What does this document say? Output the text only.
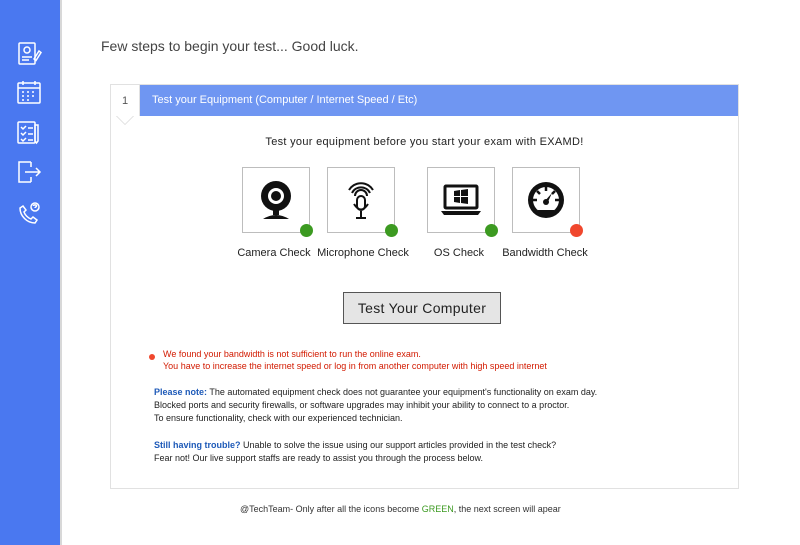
Few steps to begin your test... Good luck.
1	Test your Equipment (Computer / Internet Speed / Etc)
Test your equipment before you start your exam with EXAMD!
Camera Check Microphone Check OS Check Bandwidth Check
Test Your Computer
We found your bandwidth is not sufficient to run the online exam.
You have to increase the internet speed or log in from another computer with high speed internet
Please note: The automated equipment check does not guarantee your equipment's functionality on exam day.
Blocked ports and security firewalls, or software upgrades may inhibit your ability to connect to a proctor.
To ensure functionality, check with our experienced technician.
Still having trouble? Unable to solve the issue using our support articles provided in the test check?
Fear not! Our live support staffs are ready to assist you through the process below.
@TechTeam- Only after all the icons become GREEN, the next screen will apear
